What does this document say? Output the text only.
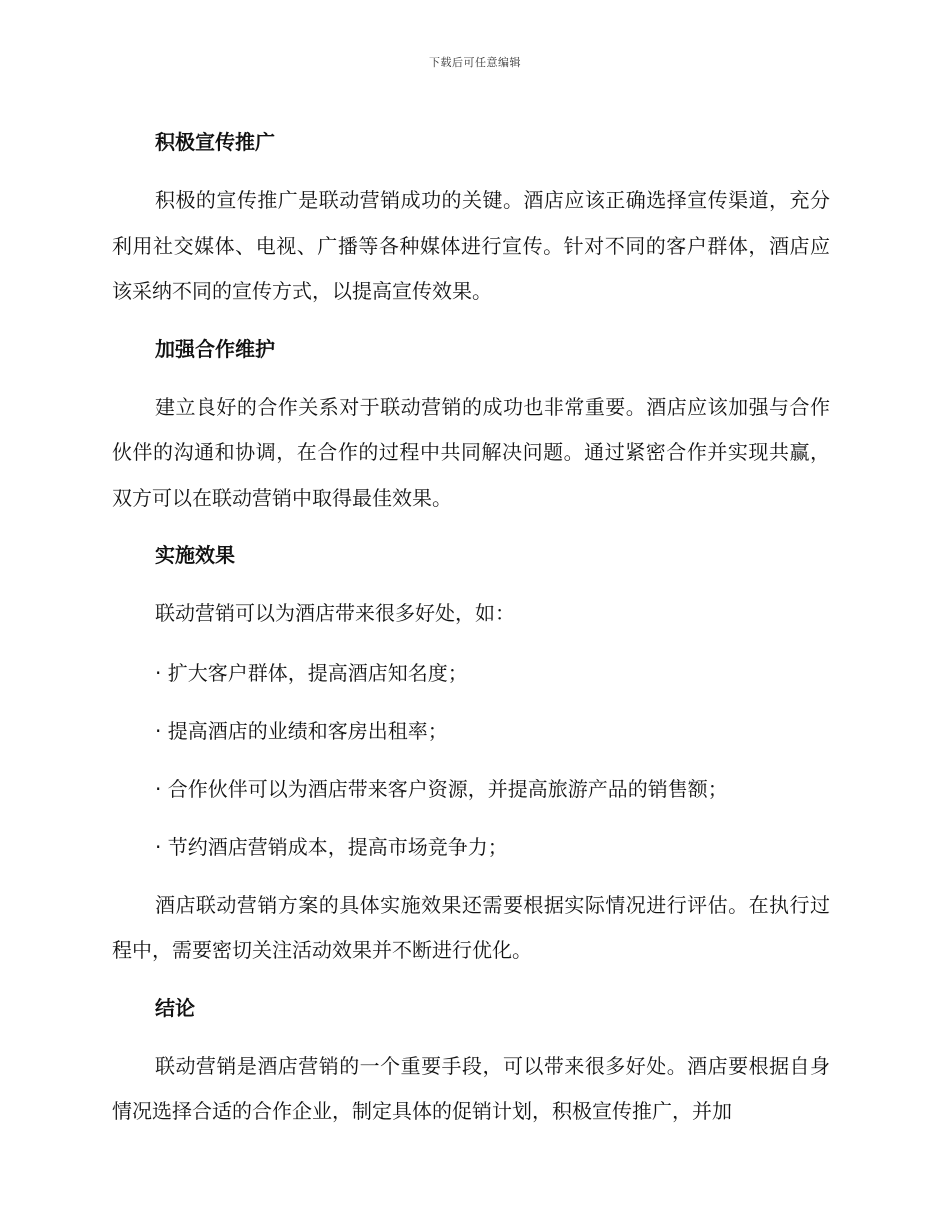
下载后可任意编辑
积极宣传推广

积极的宣传推广是联动营销成功的关键。酒店应该正确选择宣传渠道，充分利用社交媒体、电视、广播等各种媒体进行宣传。针对不同的客户群体，酒店应该采纳不同的宣传方式，以提高宣传效果。

加强合作维护

建立良好的合作关系对于联动营销的成功也非常重要。酒店应该加强与合作伙伴的沟通和协调，在合作的过程中共同解决问题。通过紧密合作并实现共赢，双方可以在联动营销中取得最佳效果。

实施效果

联动营销可以为酒店带来很多好处，如：

· 扩大客户群体，提高酒店知名度；

· 提高酒店的业绩和客房出租率；

· 合作伙伴可以为酒店带来客户资源，并提高旅游产品的销售额；

· 节约酒店营销成本，提高市场竞争力；

酒店联动营销方案的具体实施效果还需要根据实际情况进行评估。在执行过程中，需要密切关注活动效果并不断进行优化。

结论

联动营销是酒店营销的一个重要手段，可以带来很多好处。酒店要根据自身情况选择合适的合作企业，制定具体的促销计划，积极宣传推广，并加
